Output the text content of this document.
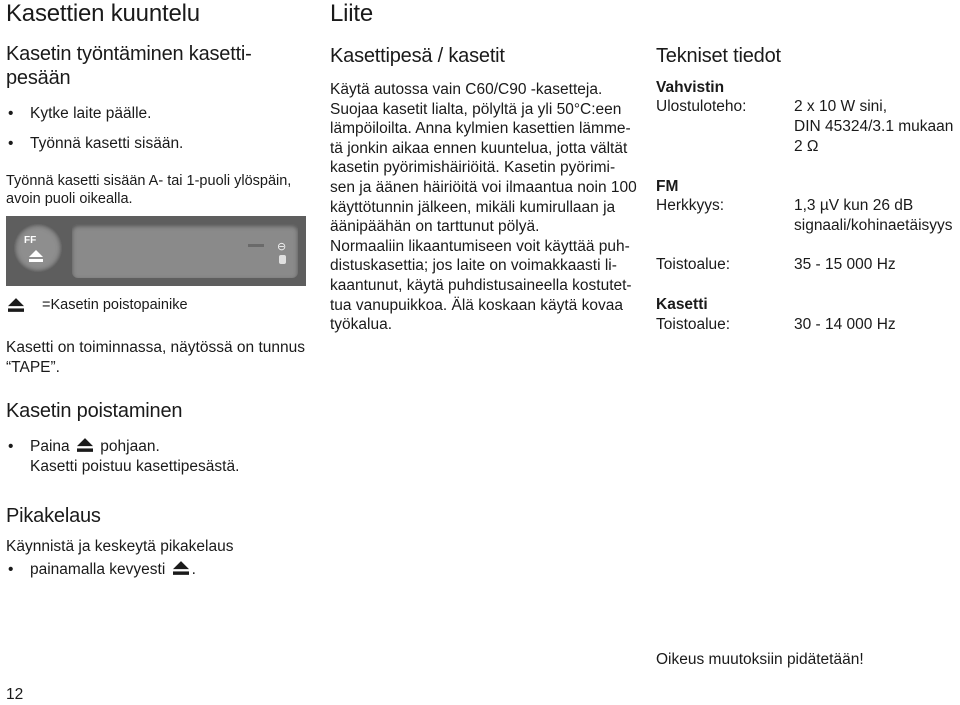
Kasettien kuuntelu
Kasetin työntäminen kasetti-
pesään
• Kytke laite päälle.
• Työnnä kasetti sisään.
Työnnä kasetti sisään A- tai 1-puoli ylöspäin,
avoin puoli oikealla.
FF
⊖
=Kasetin poistopainike
Kasetti on toiminnassa, näytössä on tunnus
“TAPE”.
Kasetin poistaminen
• Paina pohjaan.
Kasetti poistuu kasettipesästä.
Pikakelaus
Käynnistä ja keskeytä pikakelaus
• painamalla kevyesti .
12
Liite
Kasettipesä / kasetit

Käytä autossa vain C60/C90 -kasetteja.

Suojaa kasetit lialta, pölyltä ja yli 50°C:een

lämpöiloilta. Anna kylmien kasettien lämme-

tä jonkin aikaa ennen kuuntelua, jotta vältät

kasetin pyörimishäiriöitä. Kasetin pyörimi-

sen ja äänen häiriöitä voi ilmaantua noin 100

käyttötunnin jälkeen, mikäli kumirullaan ja

äänipäähän on tarttunut pölyä.

Normaaliin likaantumiseen voit käyttää puh-

distuskasettia; jos laite on voimakkaasti li-

kaantunut, käytä puhdistusaineella kostutet-

tua vanupuikkoa. Älä koskaan käytä kovaa

työkalua.

Tekniset tiedot
Vahvistin
Ulostuloteho:	2 x 10 W sini,
DIN 45324/3.1 mukaan
2 Ω
FM
Herkkyys:	1,3 µV kun 26 dB
signaali/kohinaetäisyys
Toistoalue:	35 - 15 000 Hz
Kasetti
Toistoalue:	30 - 14 000 Hz
Oikeus muutoksiin pidätetään!
